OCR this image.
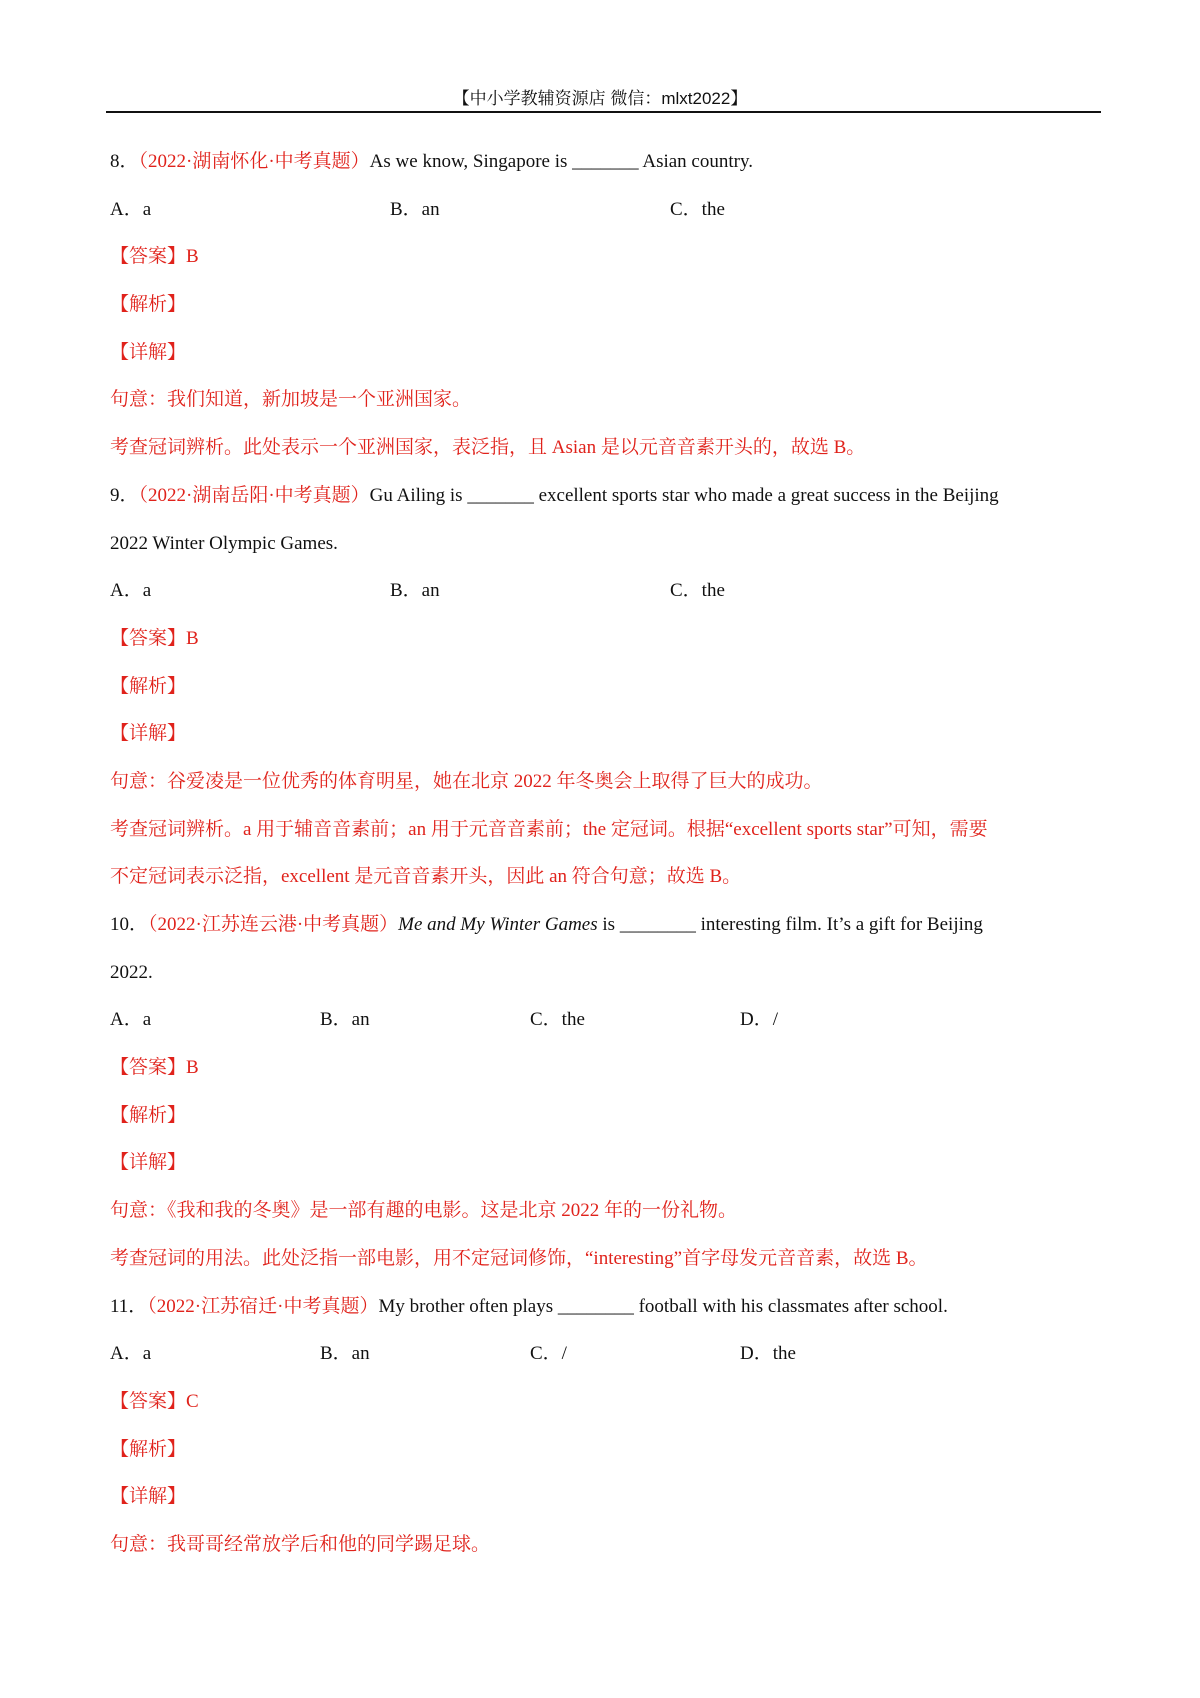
【中小学教辅资源店 微信：mlxt2022】
8．（2022·湖南怀化·中考真题）As we know, Singapore is _______ Asian country.
A．a	B．an	C．the
【答案】B
【解析】
【详解】
句意：我们知道，新加坡是一个亚洲国家。
考查冠词辨析。此处表示一个亚洲国家，表泛指，且 Asian 是以元音音素开头的，故选 B。
9．（2022·湖南岳阳·中考真题）Gu Ailing is _______ excellent sports star who made a great success in the Beijing
2022 Winter Olympic Games.
A．a	B．an	C．the
【答案】B
【解析】
【详解】
句意：谷爱凌是一位优秀的体育明星，她在北京 2022 年冬奥会上取得了巨大的成功。
考查冠词辨析。a 用于辅音音素前；an 用于元音音素前；the 定冠词。根据“excellent sports star”可知，需要
不定冠词表示泛指，excellent 是元音音素开头，因此 an 符合句意；故选 B。
10．（2022·江苏连云港·中考真题）Me and My Winter Games is ________ interesting film. It’s a gift for Beijing
2022.
A．a	B．an	C．the	D．/
【答案】B
【解析】
【详解】
句意：《我和我的冬奥》是一部有趣的电影。这是北京 2022 年的一份礼物。
考查冠词的用法。此处泛指一部电影，用不定冠词修饰，“interesting”首字母发元音音素，故选 B。
11．（2022·江苏宿迁·中考真题）My brother often plays ________ football with his classmates after school.
A．a	B．an	C．/	D．the
【答案】C
【解析】
【详解】
句意：我哥哥经常放学后和他的同学踢足球。
